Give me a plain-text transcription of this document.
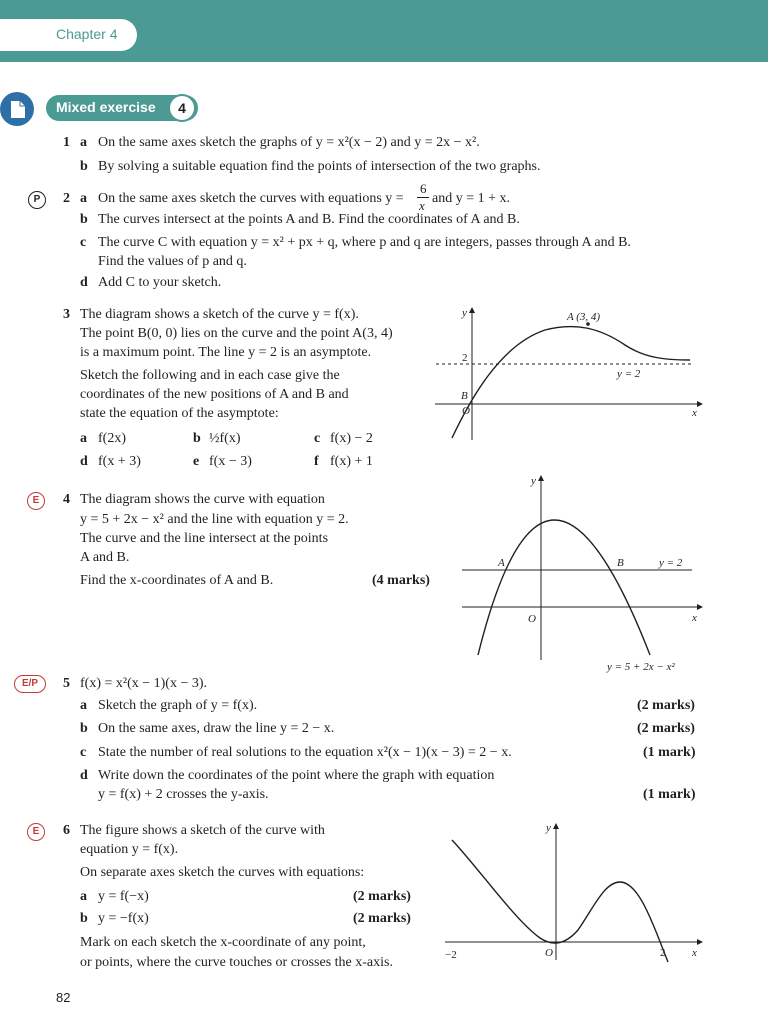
Chapter 4
Mixed exercise	4
1 a On the same axes sketch the graphs of y = x²(x − 2) and y = 2x − x².
b By solving a suitable equation find the points of intersection of the two graphs.
P	2 a On the same axes sketch the curves with equations y =
6
x and y = 1 + x.
b The curves intersect at the points A and B. Find the coordinates of A and B.
c The curve C with equation y = x² + px + q, where p and q are integers, passes through A and B.
Find the values of p and q.
d Add C to your sketch.
3 The diagram shows a sketch of the curve y = f(x).
The point B(0, 0) lies on the curve and the point A(3, 4)
is a maximum point. The line y = 2 is an asymptote.
Sketch the following and in each case give the
coordinates of the new positions of A and B and
state the equation of the asymptote:
a f(2x)	b ½f(x)	c f(x) − 2
d f(x + 3)	e f(x − 3)	f f(x) + 1
y
x
A (3, 4)
y = 2
2
B
O
E	4 The diagram shows the curve with equation
y = 5 + 2x − x² and the line with equation y = 2.
The curve and the line intersect at the points
A and B.
Find the x-coordinates of A and B.	(4 marks)
y
x
A	B	y = 2
O
y = 5 + 2x − x²
E/P	5 f(x) = x²(x − 1)(x − 3).
a Sketch the graph of y = f(x).	(2 marks)
b On the same axes, draw the line y = 2 − x.	(2 marks)
c State the number of real solutions to the equation x²(x − 1)(x − 3) = 2 − x.	(1 mark)
d Write down the coordinates of the point where the graph with equation
y = f(x) + 2 crosses the y-axis.	(1 mark)
E	6 The figure shows a sketch of the curve with
equation y = f(x).
On separate axes sketch the curves with equations:
a y = f(−x)	(2 marks)
b y = −f(x)	(2 marks)
Mark on each sketch the x-coordinate of any point,
or points, where the curve touches or crosses the x-axis.
y
x
−2	O	2
82
